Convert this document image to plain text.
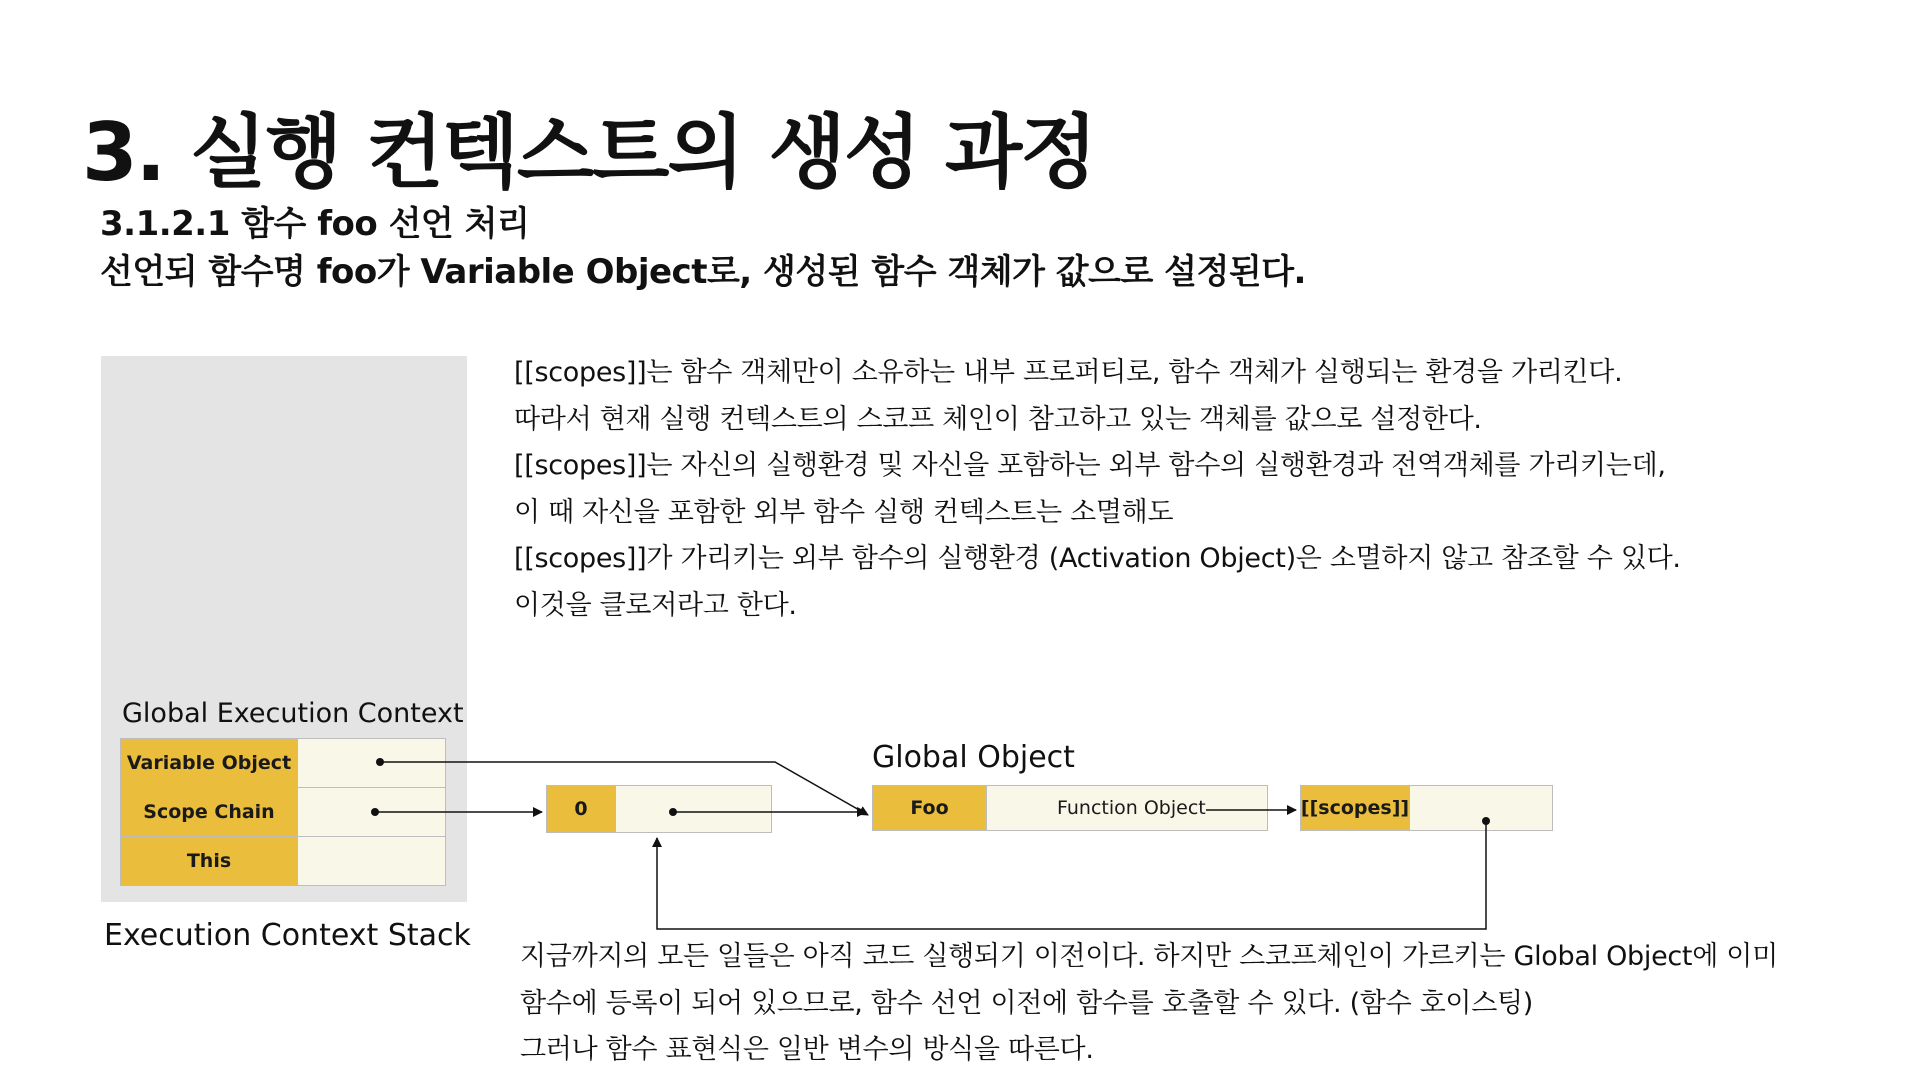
3. 실행 컨텍스트의 생성 과정
3.1.2.1 함수 foo 선언 처리
선언되 함수명 foo가 Variable Object로, 생성된 함수 객체가 값으로 설정된다.
[[scopes]]는 함수 객체만이 소유하는 내부 프로퍼티로, 함수 객체가 실행되는 환경을 가리킨다.
따라서 현재 실행 컨텍스트의 스코프 체인이 참고하고 있는 객체를 값으로 설정한다.
[[scopes]]는 자신의 실행환경 및 자신을 포함하는 외부 함수의 실행환경과 전역객체를 가리키는데,
이 때 자신을 포함한 외부 함수 실행 컨텍스트는 소멸해도
[[scopes]]가 가리키는 외부 함수의 실행환경 (Activation Object)은 소멸하지 않고 참조할 수 있다.
이것을 클로저라고 한다.
Global Execution Context
Variable Object	
Scope Chain	
This	
Execution Context Stack
0
Global Object
Foo	Function Object	[[scopes]]
지금까지의 모든 일들은 아직 코드 실행되기 이전이다. 하지만 스코프체인이 가르키는 Global Object에 이미
함수에 등록이 되어 있으므로, 함수 선언 이전에 함수를 호출할 수 있다. (함수 호이스팅)
그러나 함수 표현식은 일반 변수의 방식을 따른다.
